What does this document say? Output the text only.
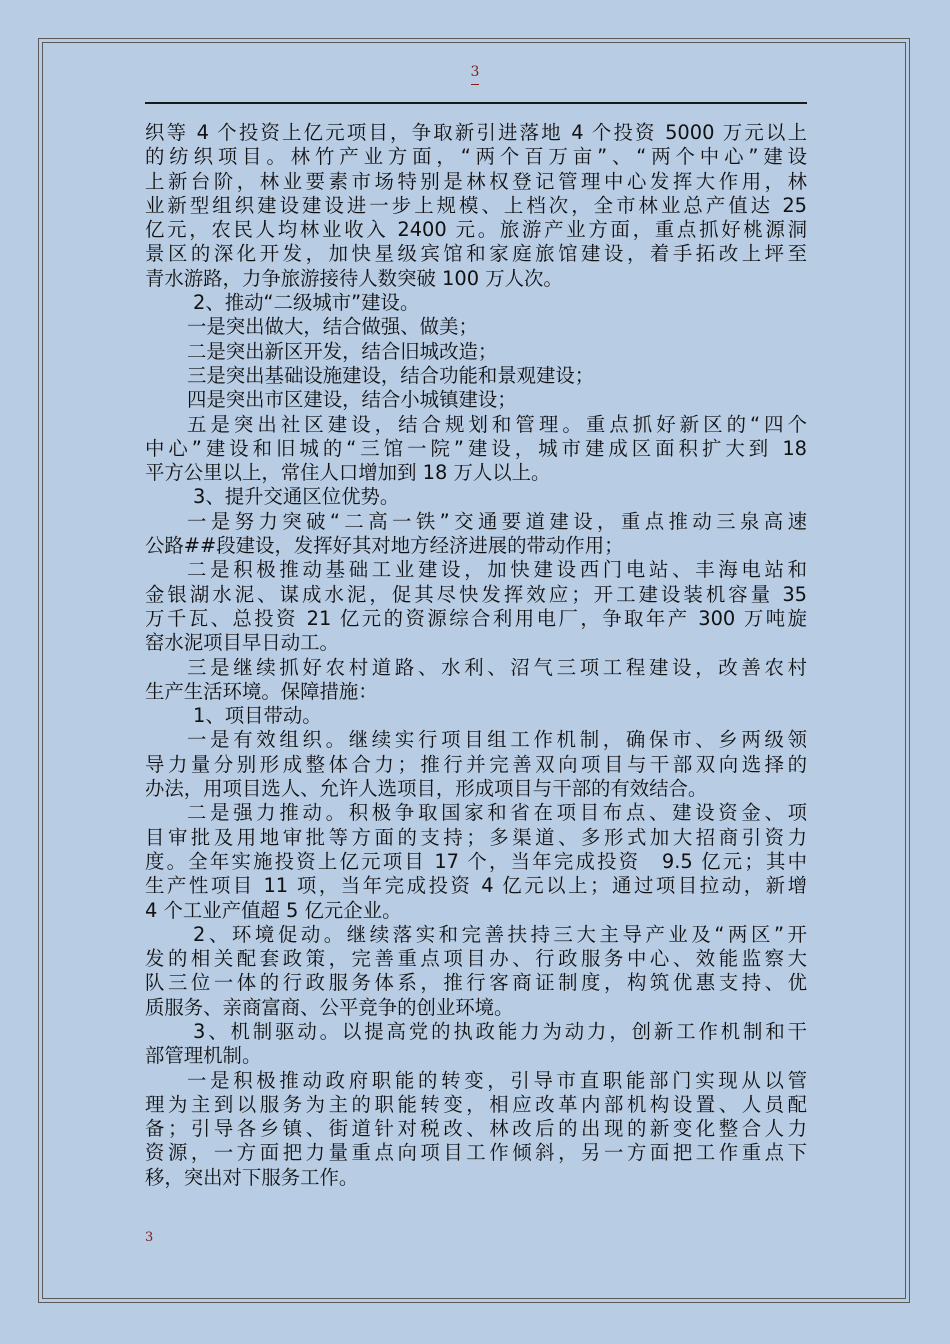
3
织等 4 个投资上亿元项目，争取新引进落地 4 个投资 5000 万元以上
的纺织项目。林竹产业方面，“两个百万亩”、“两个中心”建设
上新台阶，林业要素市场特别是林权登记管理中心发挥大作用，林
业新型组织建设建设进一步上规模、上档次，全市林业总产值达 25
亿元，农民人均林业收入 2400 元。旅游产业方面，重点抓好桃源洞
景区的深化开发，加快星级宾馆和家庭旅馆建设，着手拓改上坪至
青水游路，力争旅游接待人数突破 100 万人次。
2、推动“二级城市”建设。
一是突出做大，结合做强、做美；
二是突出新区开发，结合旧城改造；
三是突出基础设施建设，结合功能和景观建设；
四是突出市区建设，结合小城镇建设；
五是突出社区建设，结合规划和管理。重点抓好新区的“四个
中心”建设和旧城的“三馆一院”建设，城市建成区面积扩大到 18
平方公里以上，常住人口增加到 18 万人以上。
3、提升交通区位优势。
一是努力突破“二高一铁”交通要道建设，重点推动三泉高速
公路##段建设，发挥好其对地方经济进展的带动作用；
二是积极推动基础工业建设，加快建设西门电站、丰海电站和
金银湖水泥、谋成水泥，促其尽快发挥效应；开工建设装机容量 35
万千瓦、总投资 21 亿元的资源综合利用电厂，争取年产 300 万吨旋
窑水泥项目早日动工。
三是继续抓好农村道路、水利、沼气三项工程建设，改善农村
生产生活环境。保障措施：
1、项目带动。
一是有效组织。继续实行项目组工作机制，确保市、乡两级领
导力量分别形成整体合力；推行并完善双向项目与干部双向选择的
办法，用项目选人、允许人选项目，形成项目与干部的有效结合。
二是强力推动。积极争取国家和省在项目布点、建设资金、项
目审批及用地审批等方面的支持；多渠道、多形式加大招商引资力
度。全年实施投资上亿元项目 17 个，当年完成投资　9.5 亿元；其中
生产性项目 11 项，当年完成投资 4 亿元以上；通过项目拉动，新增
4 个工业产值超 5 亿元企业。
2、环境促动。继续落实和完善扶持三大主导产业及“两区”开
发的相关配套政策，完善重点项目办、行政服务中心、效能监察大
队三位一体的行政服务体系，推行客商证制度，构筑优惠支持、优
质服务、亲商富商、公平竞争的创业环境。
3、机制驱动。以提高党的执政能力为动力，创新工作机制和干
部管理机制。
一是积极推动政府职能的转变，引导市直职能部门实现从以管
理为主到以服务为主的职能转变，相应改革内部机构设置、人员配
备；引导各乡镇、街道针对税改、林改后的出现的新变化整合人力
资源，一方面把力量重点向项目工作倾斜，另一方面把工作重点下
移，突出对下服务工作。
3
